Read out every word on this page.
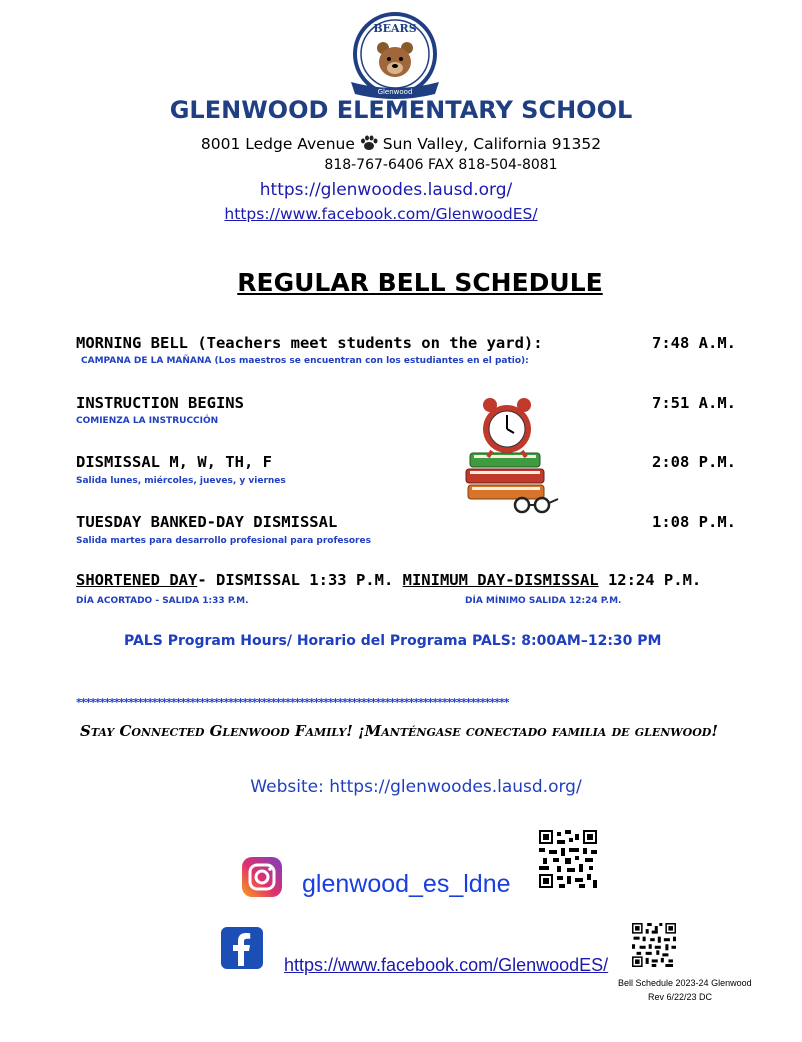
BEARS
Glenwood
GLENWOOD ELEMENTARY SCHOOL
8001 Ledge Avenue Sun Valley, California 91352
818-767-6406 FAX 818-504-8081
https://glenwoodes.lausd.org/
https://www.facebook.com/GlenwoodES/
REGULAR BELL SCHEDULE
MORNING BELL (Teachers meet students on the yard):	7:48 A.M.
CAMPANA DE LA MAÑANA (Los maestros se encuentran con los estudiantes en el patio):
INSTRUCTION BEGINS	7:51 A.M.
COMIENZA LA INSTRUCCIÓN
DISMISSAL M, W, TH, F	2:08 P.M.
Salida lunes, miércoles, jueves, y viernes
TUESDAY BANKED-DAY DISMISSAL	1:08 P.M.
Salida martes para desarrollo profesional para profesores
SHORTENED DAY- DISMISSAL 1:33 P.M. MINIMUM DAY-DISMISSAL 12:24 P.M.
DÍA ACORTADO - SALIDA 1:33 P.M.	DÍA MÍNIMO SALIDA 12:24 P.M.
PALS Program Hours/ Horario del Programa PALS: 8:00AM–12:30 PM
*******************************************************************************************
Stay Connected Glenwood Family! ¡Manténgase conectado familia de glenwood!
Website: https://glenwoodes.lausd.org/
glenwood_es_ldne
https://www.facebook.com/GlenwoodES/
Bell Schedule 2023-24 Glenwood
Rev 6/22/23 DC
